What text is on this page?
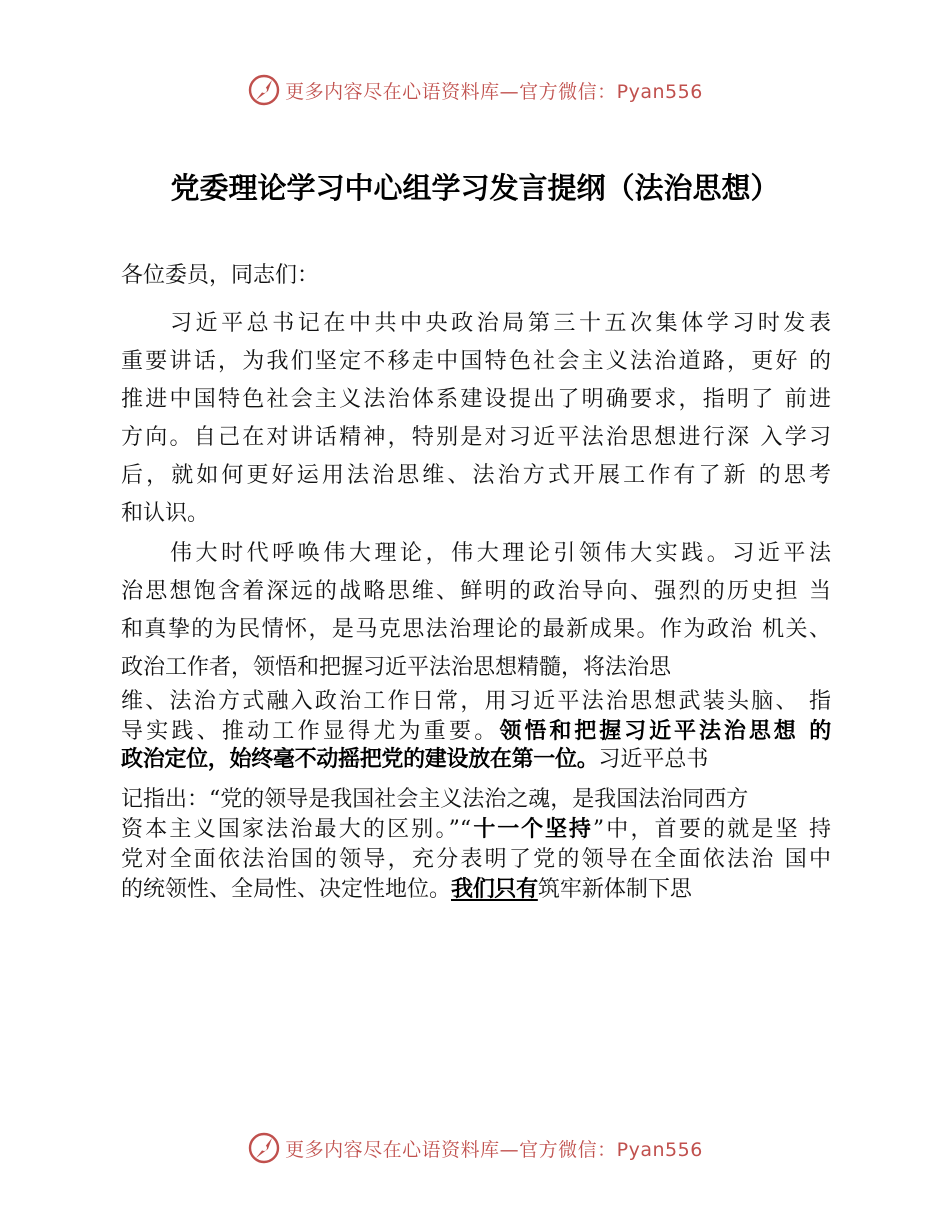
更多内容尽在心语资料库—官方微信：Pyan556
党委理论学习中心组学习发言提纲（法治思想）
各位委员，同志们：
习近平总书记在中共中央政治局第三十五次集体学习时发表
重要讲话，为我们坚定不移走中国特色社会主义法治道路，更好 的
推进中国特色社会主义法治体系建设提出了明确要求，指明了 前进
方向。自己在对讲话精神，特别是对习近平法治思想进行深 入学习
后，就如何更好运用法治思维、法治方式开展工作有了新 的思考
和认识。
伟大时代呼唤伟大理论，伟大理论引领伟大实践。习近平法
治思想饱含着深远的战略思维、鲜明的政治导向、强烈的历史担 当
和真挚的为民情怀，是马克思法治理论的最新成果。作为政治 机关、
政治工作者，领悟和把握习近平法治思想精髓，将法治思
维、法治方式融入政治工作日常，用习近平法治思想武装头脑、 指
导实践、推动工作显得尤为重要。领悟和把握习近平法治思想 的
政治定位，始终毫不动摇把党的建设放在第一位。习近平总书
记指出：“党的领导是我国社会主义法治之魂，是我国法治同西方
资本主义国家法治最大的区别。”“十一个坚持”中，首要的就是坚 持
党对全面依法治国的领导，充分表明了党的领导在全面依法治 国中
的统领性、全局性、决定性地位。我们只有筑牢新体制下思
更多内容尽在心语资料库—官方微信：Pyan556
